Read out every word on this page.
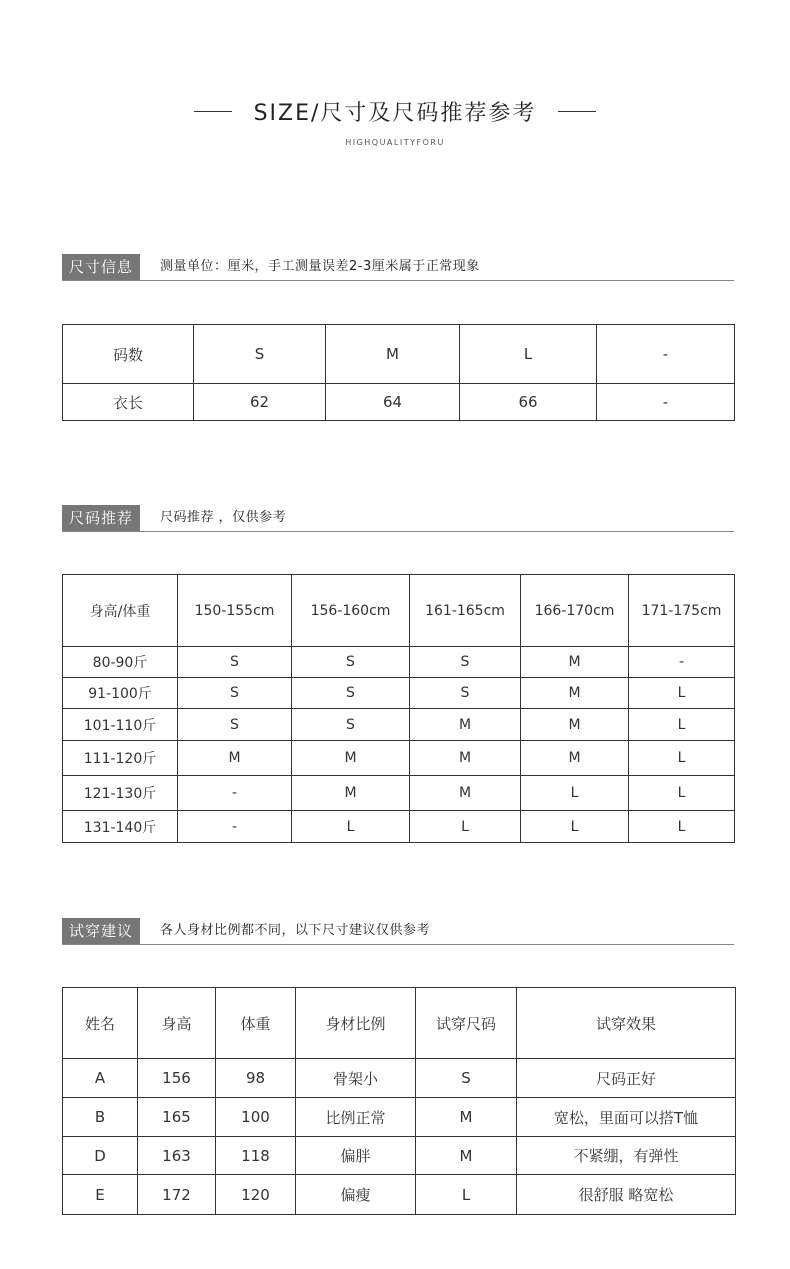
SIZE/尺寸及尺码推荐参考
HIGHQUALITYFORU
尺寸信息	测量单位：厘米，手工测量误差2-3厘米属于正常现象
码数	S	M	L	-
衣长	62	64	66	-
尺码推荐	尺码推荐 ，仅供参考
身高/体重	150-155cm	156-160cm	161-165cm	166-170cm	171-175cm
80-90斤	S	S	S	M	-
91-100斤	S	S	S	M	L
101-110斤	S	S	M	M	L
111-120斤	M	M	M	M	L
121-130斤	-	M	M	L	L
131-140斤	-	L	L	L	L
试穿建议	各人身材比例都不同，以下尺寸建议仅供参考
姓名	身高	体重	身材比例	试穿尺码	试穿效果
A	156	98	骨架小	S	尺码正好
B	165	100	比例正常	M	宽松，里面可以搭T恤
D	163	118	偏胖	M	不紧绷，有弹性
E	172	120	偏瘦	L	很舒服 略宽松
